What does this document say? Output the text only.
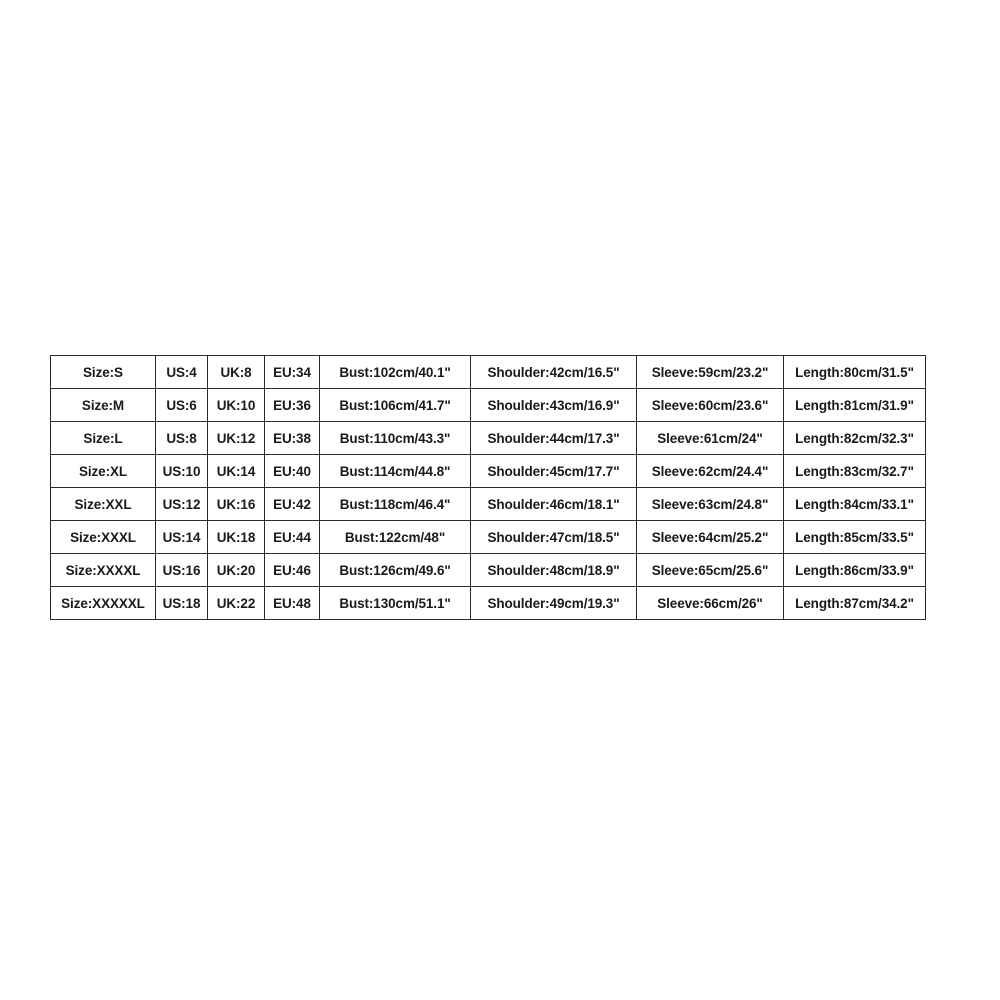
Size:S	US:4	UK:8	EU:34	Bust:102cm/40.1"	Shoulder:42cm/16.5"	Sleeve:59cm/23.2"	Length:80cm/31.5"
Size:M	US:6	UK:10	EU:36	Bust:106cm/41.7"	Shoulder:43cm/16.9"	Sleeve:60cm/23.6"	Length:81cm/31.9"
Size:L	US:8	UK:12	EU:38	Bust:110cm/43.3"	Shoulder:44cm/17.3"	Sleeve:61cm/24"	Length:82cm/32.3"
Size:XL	US:10	UK:14	EU:40	Bust:114cm/44.8"	Shoulder:45cm/17.7"	Sleeve:62cm/24.4"	Length:83cm/32.7"
Size:XXL	US:12	UK:16	EU:42	Bust:118cm/46.4"	Shoulder:46cm/18.1"	Sleeve:63cm/24.8"	Length:84cm/33.1"
Size:XXXL	US:14	UK:18	EU:44	Bust:122cm/48"	Shoulder:47cm/18.5"	Sleeve:64cm/25.2"	Length:85cm/33.5"
Size:XXXXL	US:16	UK:20	EU:46	Bust:126cm/49.6"	Shoulder:48cm/18.9"	Sleeve:65cm/25.6"	Length:86cm/33.9"
Size:XXXXXL	US:18	UK:22	EU:48	Bust:130cm/51.1"	Shoulder:49cm/19.3"	Sleeve:66cm/26"	Length:87cm/34.2"
